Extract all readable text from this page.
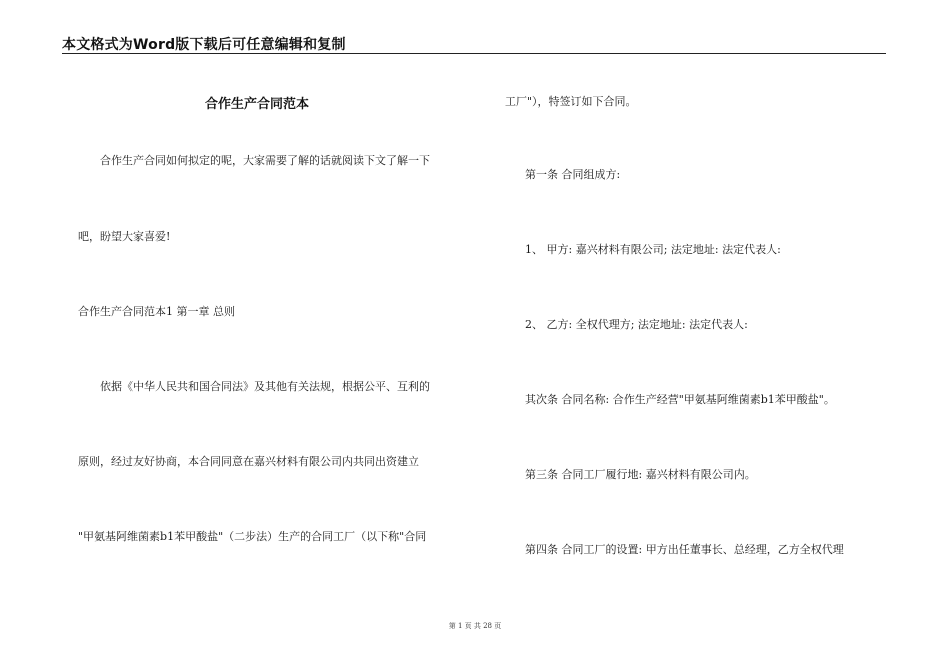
本文格式为Word版下载后可任意编辑和复制
合作生产合同范本
合作生产合同如何拟定的呢，大家需要了解的话就阅读下文了解一下
吧，盼望大家喜爱!
合作生产合同范本1 第一章 总则
依据《中华人民共和国合同法》及其他有关法规，根据公平、互利的
原则，经过友好协商，本合同同意在嘉兴材料有限公司内共同出资建立
"甲氨基阿维菌素b1苯甲酸盐"（二步法）生产的合同工厂（以下称"合同
工厂"），特签订如下合同。
第一条 合同组成方:
1、 甲方: 嘉兴材料有限公司; 法定地址: 法定代表人:
2、 乙方: 全权代理方; 法定地址: 法定代表人:
其次条 合同名称: 合作生产经营"甲氨基阿维菌素b1苯甲酸盐"。
第三条 合同工厂履行地: 嘉兴材料有限公司内。
第四条 合同工厂的设置: 甲方出任董事长、总经理，乙方全权代理
第 1 页 共 28 页
